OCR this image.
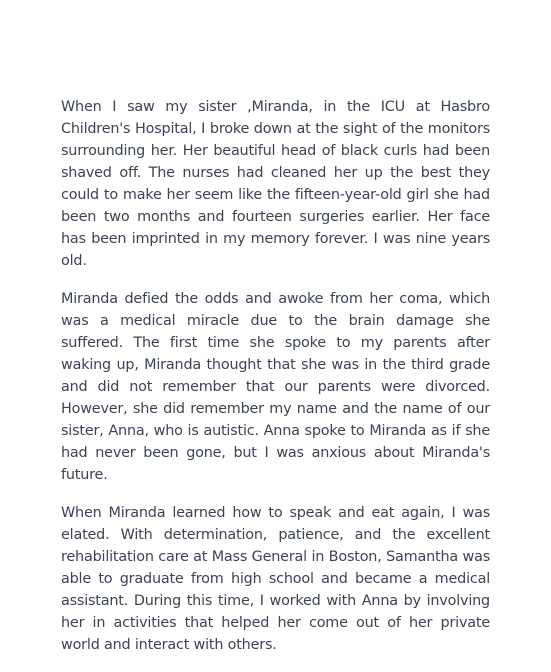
When I saw my sister ,Miranda, in the ICU at Hasbro Children's Hospital, I broke down at the sight of the monitors surrounding her. Her beautiful head of black curls had been shaved off. The nurses had cleaned her up the best they could to make her seem like the fifteen-year-old girl she had been two months and fourteen surgeries earlier. Her face has been imprinted in my memory forever. I was nine years old.

Miranda defied the odds and awoke from her coma, which was a medical miracle due to the brain damage she suffered. The first time she spoke to my parents after waking up, Miranda thought that she was in the third grade and did not remember that our parents were divorced. However, she did remember my name and the name of our sister, Anna, who is autistic. Anna spoke to Miranda as if she had never been gone, but I was anxious about Miranda's future.

When Miranda learned how to speak and eat again, I was elated. With determination, patience, and the excellent rehabilitation care at Mass General in Boston, Samantha was able to graduate from high school and became a medical assistant. During this time, I worked with Anna by involving her in activities that helped her come out of her private world and interact with others.
